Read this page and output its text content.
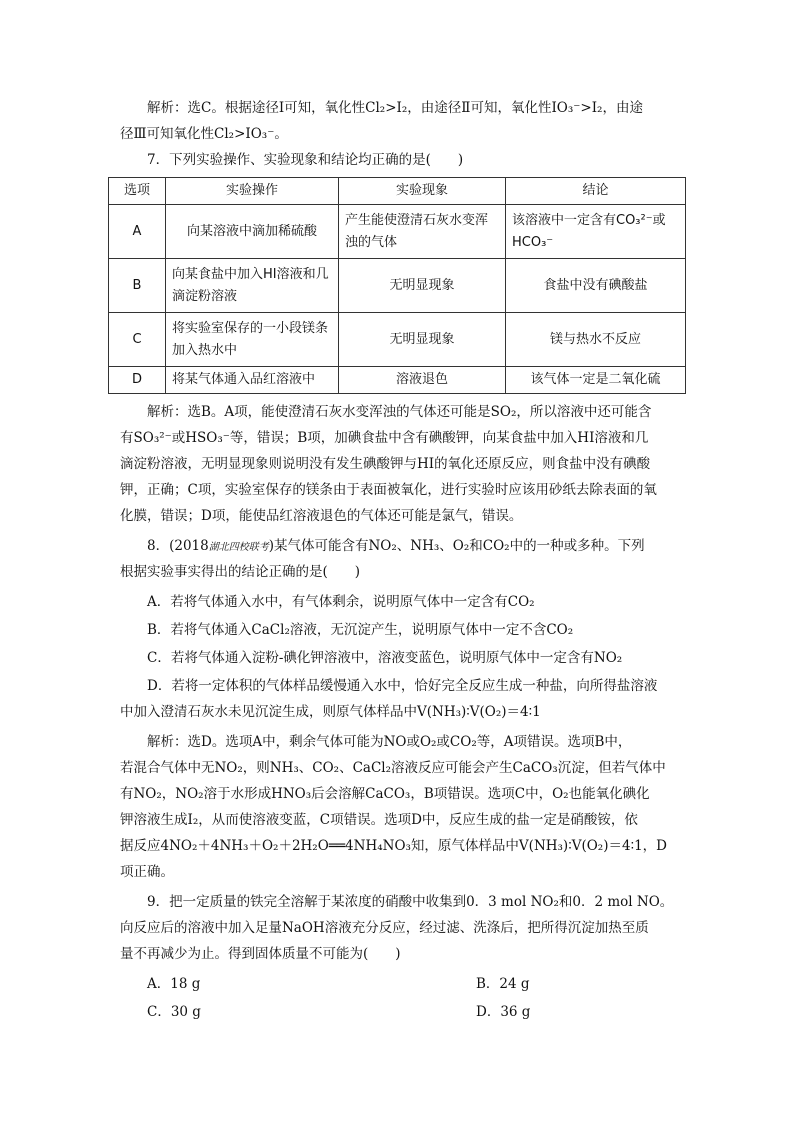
解析：选C。根据途径Ⅰ可知，氧化性Cl₂>I₂，由途径Ⅱ可知，氧化性IO₃⁻>I₂，由途
径Ⅲ可知氧化性Cl₂>IO₃⁻。
7．下列实验操作、实验现象和结论均正确的是(　　)
选项	实验操作	实验现象	结论
A	向某溶液中滴加稀硫酸	产生能使澄清石灰水变浑浊的气体	该溶液中一定含有CO₃²⁻或HCO₃⁻
B	向某食盐中加入HI溶液和几滴淀粉溶液	无明显现象	食盐中没有碘酸盐
C	将实验室保存的一小段镁条加入热水中	无明显现象	镁与热水不反应
D	将某气体通入品红溶液中	溶液退色	该气体一定是二氧化硫
解析：选B。A项，能使澄清石灰水变浑浊的气体还可能是SO₂，所以溶液中还可能含
有SO₃²⁻或HSO₃⁻等，错误；B项，加碘食盐中含有碘酸钾，向某食盐中加入HI溶液和几
滴淀粉溶液，无明显现象则说明没有发生碘酸钾与HI的氧化还原反应，则食盐中没有碘酸
钾，正确；C项，实验室保存的镁条由于表面被氧化，进行实验时应该用砂纸去除表面的氧
化膜，错误；D项，能使品红溶液退色的气体还可能是氯气，错误。
8．(2018湖北四校联考)某气体可能含有NO₂、NH₃、O₂和CO₂中的一种或多种。下列
根据实验事实得出的结论正确的是(　　)
A．若将气体通入水中，有气体剩余，说明原气体中一定含有CO₂
B．若将气体通入CaCl₂溶液，无沉淀产生，说明原气体中一定不含CO₂
C．若将气体通入淀粉-碘化钾溶液中，溶液变蓝色，说明原气体中一定含有NO₂
D．若将一定体积的气体样品缓慢通入水中，恰好完全反应生成一种盐，向所得盐溶液
中加入澄清石灰水未见沉淀生成，则原气体样品中V(NH₃)∶V(O₂)＝4∶1
解析：选D。选项A中，剩余气体可能为NO或O₂或CO₂等，A项错误。选项B中，
若混合气体中无NO₂，则NH₃、CO₂、CaCl₂溶液反应可能会产生CaCO₃沉淀，但若气体中
有NO₂，NO₂溶于水形成HNO₃后会溶解CaCO₃，B项错误。选项C中，O₂也能氧化碘化
钾溶液生成I₂，从而使溶液变蓝，C项错误。选项D中，反应生成的盐一定是硝酸铵，依
据反应4NO₂＋4NH₃＋O₂＋2H₂O══4NH₄NO₃知，原气体样品中V(NH₃)∶V(O₂)＝4∶1，D
项正确。
9．把一定质量的铁完全溶解于某浓度的硝酸中收集到0．3 mol NO₂和0．2 mol NO。
向反应后的溶液中加入足量NaOH溶液充分反应，经过滤、洗涤后，把所得沉淀加热至质
量不再减少为止。得到固体质量不可能为(　　)
A．18 g	B．24 g
C．30 g	D．36 g
